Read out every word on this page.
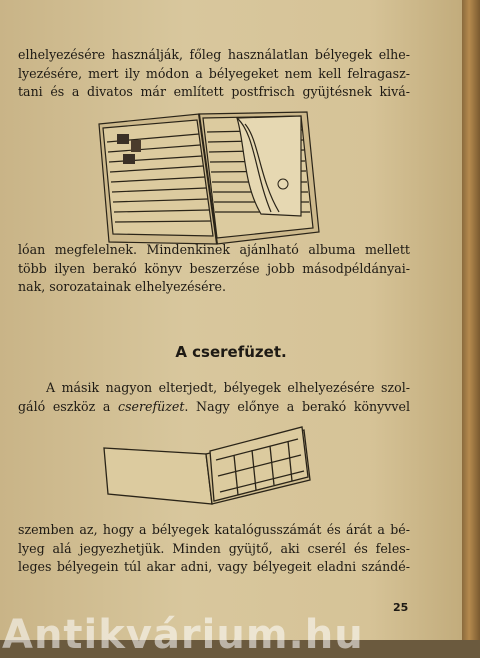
elhelyezésére használják, főleg használatlan bélyegek elhe-
lyezésére, mert ily módon a bélyegeket nem kell felragasz-
tani és a divatos már említett postfrisch gyüjtésnek kivá-

lóan megfelelnek. Mindenkinek ajánlható albuma mellett
több ilyen berakó könyv beszerzése jobb másodpéldányai-
nak, sorozatainak elhelyezésére.

A cserefüzet.

A másik nagyon elterjedt, bélyegek elhelyezésére szol-
gáló eszköz a cserefüzet. Nagy előnye a berakó könyvvel

szemben az, hogy a bélyegek katalógusszámát és árát a bé-
lyeg alá jegyezhetjük. Minden gyüjtő, aki cserél és feles-
leges bélyegein túl akar adni, vagy bélyegeit eladni szándé-

25
Antikvárium.hu
